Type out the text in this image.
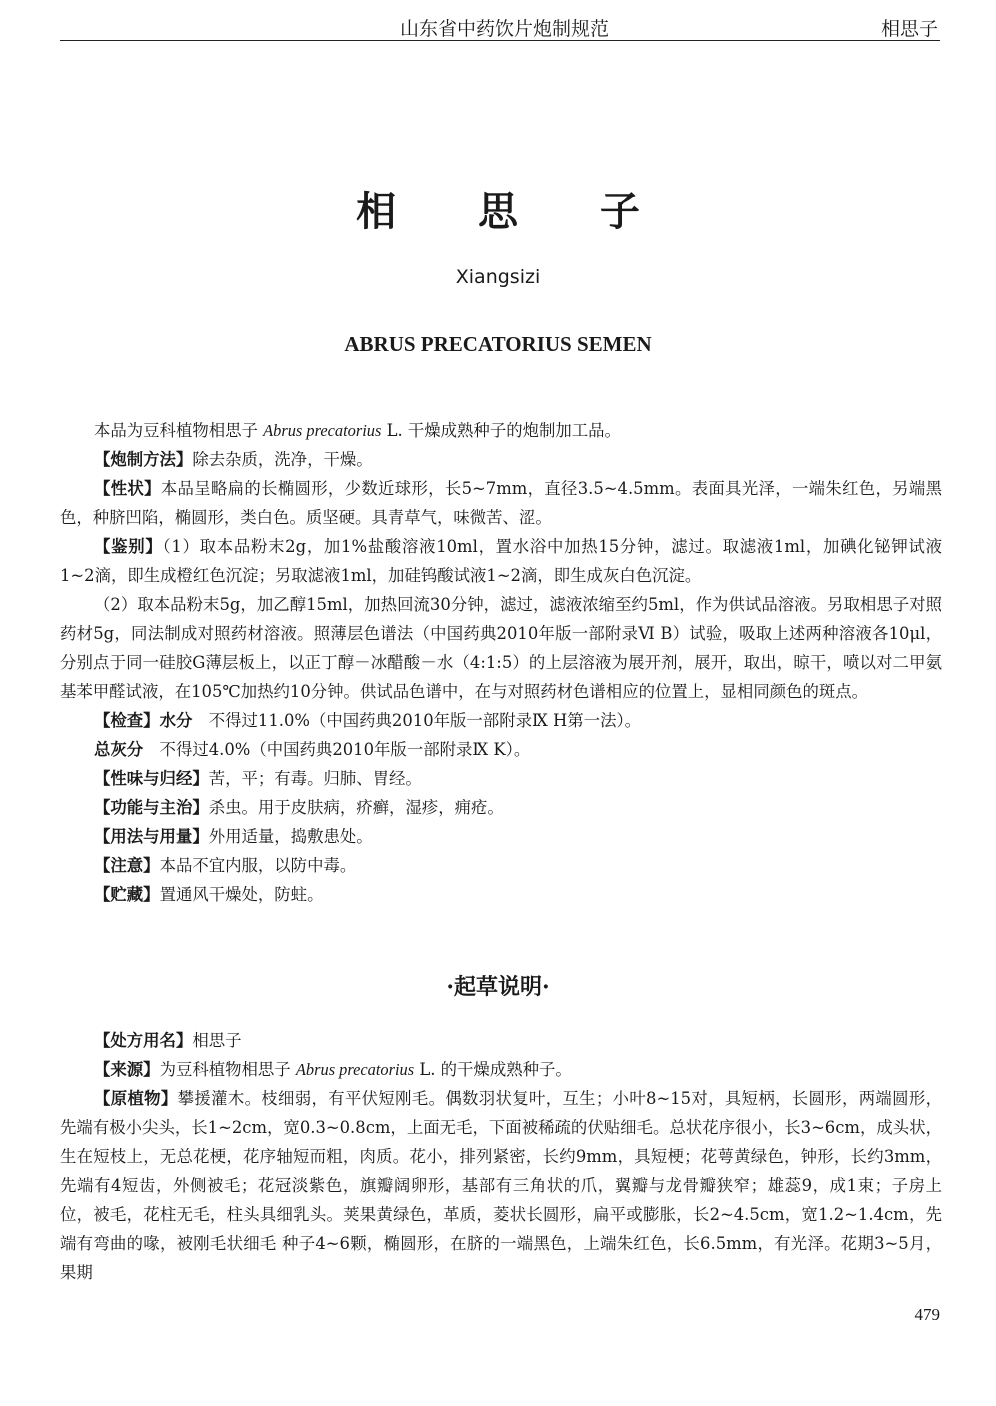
山东省中药饮片炮制规范	相思子
相 思 子
Xiangsizi
ABRUS PRECATORIUS SEMEN

本品为豆科植物相思子 Abrus precatorius L. 干燥成熟种子的炮制加工品。

【炮制方法】除去杂质，洗净，干燥。

【性状】本品呈略扁的长椭圆形，少数近球形，长5~7mm，直径3.5~4.5mm。表面具光泽，一端朱红色，另端黑色，种脐凹陷，椭圆形，类白色。质坚硬。具青草气，味微苦、涩。

【鉴别】（1）取本品粉末2g，加1%盐酸溶液10ml，置水浴中加热15分钟，滤过。取滤液1ml，加碘化铋钾试液1~2滴，即生成橙红色沉淀；另取滤液1ml，加硅钨酸试液1~2滴，即生成灰白色沉淀。

（2）取本品粉末5g，加乙醇15ml，加热回流30分钟，滤过，滤液浓缩至约5ml，作为供试品溶液。另取相思子对照药材5g，同法制成对照药材溶液。照薄层色谱法（中国药典2010年版一部附录Ⅵ B）试验，吸取上述两种溶液各10μl，分别点于同一硅胶G薄层板上，以正丁醇－冰醋酸－水（4:1:5）的上层溶液为展开剂，展开，取出，晾干，喷以对二甲氨基苯甲醛试液，在105℃加热约10分钟。供试品色谱中，在与对照药材色谱相应的位置上，显相同颜色的斑点。

【检查】水分　不得过11.0%（中国药典2010年版一部附录Ⅸ H第一法）。

总灰分　不得过4.0%（中国药典2010年版一部附录Ⅸ K）。

【性味与归经】苦，平；有毒。归肺、胃经。

【功能与主治】杀虫。用于皮肤病，疥癣，湿疹，痈疮。

【用法与用量】外用适量，捣敷患处。

【注意】本品不宜内服，以防中毒。

【贮藏】置通风干燥处，防蛀。

·起草说明·

【处方用名】相思子

【来源】为豆科植物相思子 Abrus precatorius L. 的干燥成熟种子。

【原植物】攀援灌木。枝细弱，有平伏短刚毛。偶数羽状复叶，互生；小叶8~15对，具短柄，长圆形，两端圆形，先端有极小尖头，长1~2cm，宽0.3~0.8cm，上面无毛，下面被稀疏的伏贴细毛。总状花序很小，长3~6cm，成头状，生在短枝上，无总花梗，花序轴短而粗，肉质。花小，排列紧密，长约9mm，具短梗；花萼黄绿色，钟形，长约3mm，先端有4短齿，外侧被毛；花冠淡紫色，旗瓣阔卵形，基部有三角状的爪，翼瓣与龙骨瓣狭窄；雄蕊9，成1束；子房上位，被毛，花柱无毛，柱头具细乳头。荚果黄绿色，革质，菱状长圆形，扁平或膨胀，长2~4.5cm，宽1.2~1.4cm，先端有弯曲的喙，被刚毛状细毛 种子4~6颗，椭圆形，在脐的一端黑色，上端朱红色，长6.5mm，有光泽。花期3~5月，果期

479
